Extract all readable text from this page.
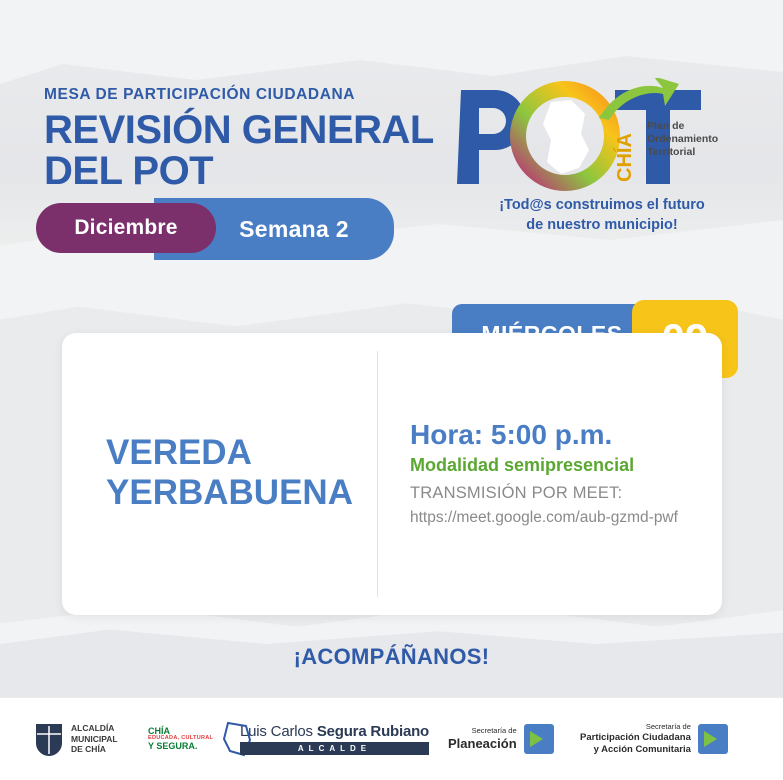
MESA DE PARTICIPACIÓN CIUDADANA
REVISIÓN GENERAL
DEL POT
Semana 2
Diciembre
CHÍA
Plan de
Ordenamiento
Territorial
¡Tod@s construimos el futuro
de nuestro municipio!
VEREDA
YERBABUENA
Hora: 5:00 p.m.
Modalidad semipresencial
TRANSMISIÓN POR MEET:
https://meet.google.com/aub-gzmd-pwf
¡ACOMPÁÑANOS!
ALCALDÍA
MUNICIPAL
DE CHÍA
CHÍA
EDUCADA, CULTURAL
Y SEGURA.
Luis Carlos Segura Rubiano
ALCALDE
Secretaría de
Planeación
Secretaría de
Participación Ciudadana
y Acción Comunitaria
